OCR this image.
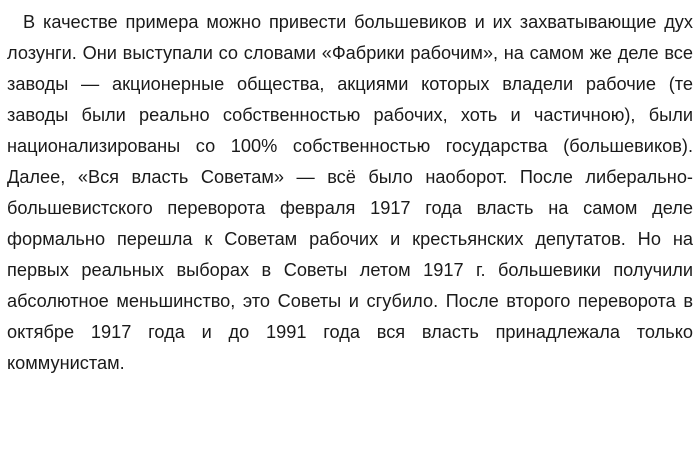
В качестве примера можно привести большевиков и их захватывающие дух лозунги. Они выступали со словами «Фабрики рабочим», на самом же деле все заводы — акционерные общества, акциями которых владели рабочие (те заводы были реально собственностью рабочих, хоть и частичною), были национализированы со 100% собственностью государства (большевиков). Далее, «Вся власть Советам» — всё было наоборот. После либерально-большевистского переворота февраля 1917 года власть на самом деле формально перешла к Советам рабочих и крестьянских депутатов. Но на первых реальных выборах в Советы летом 1917 г. большевики получили абсолютное меньшинство, это Советы и сгубило. После второго переворота в октябре 1917 года и до 1991 года вся власть принадлежала только коммунистам.
